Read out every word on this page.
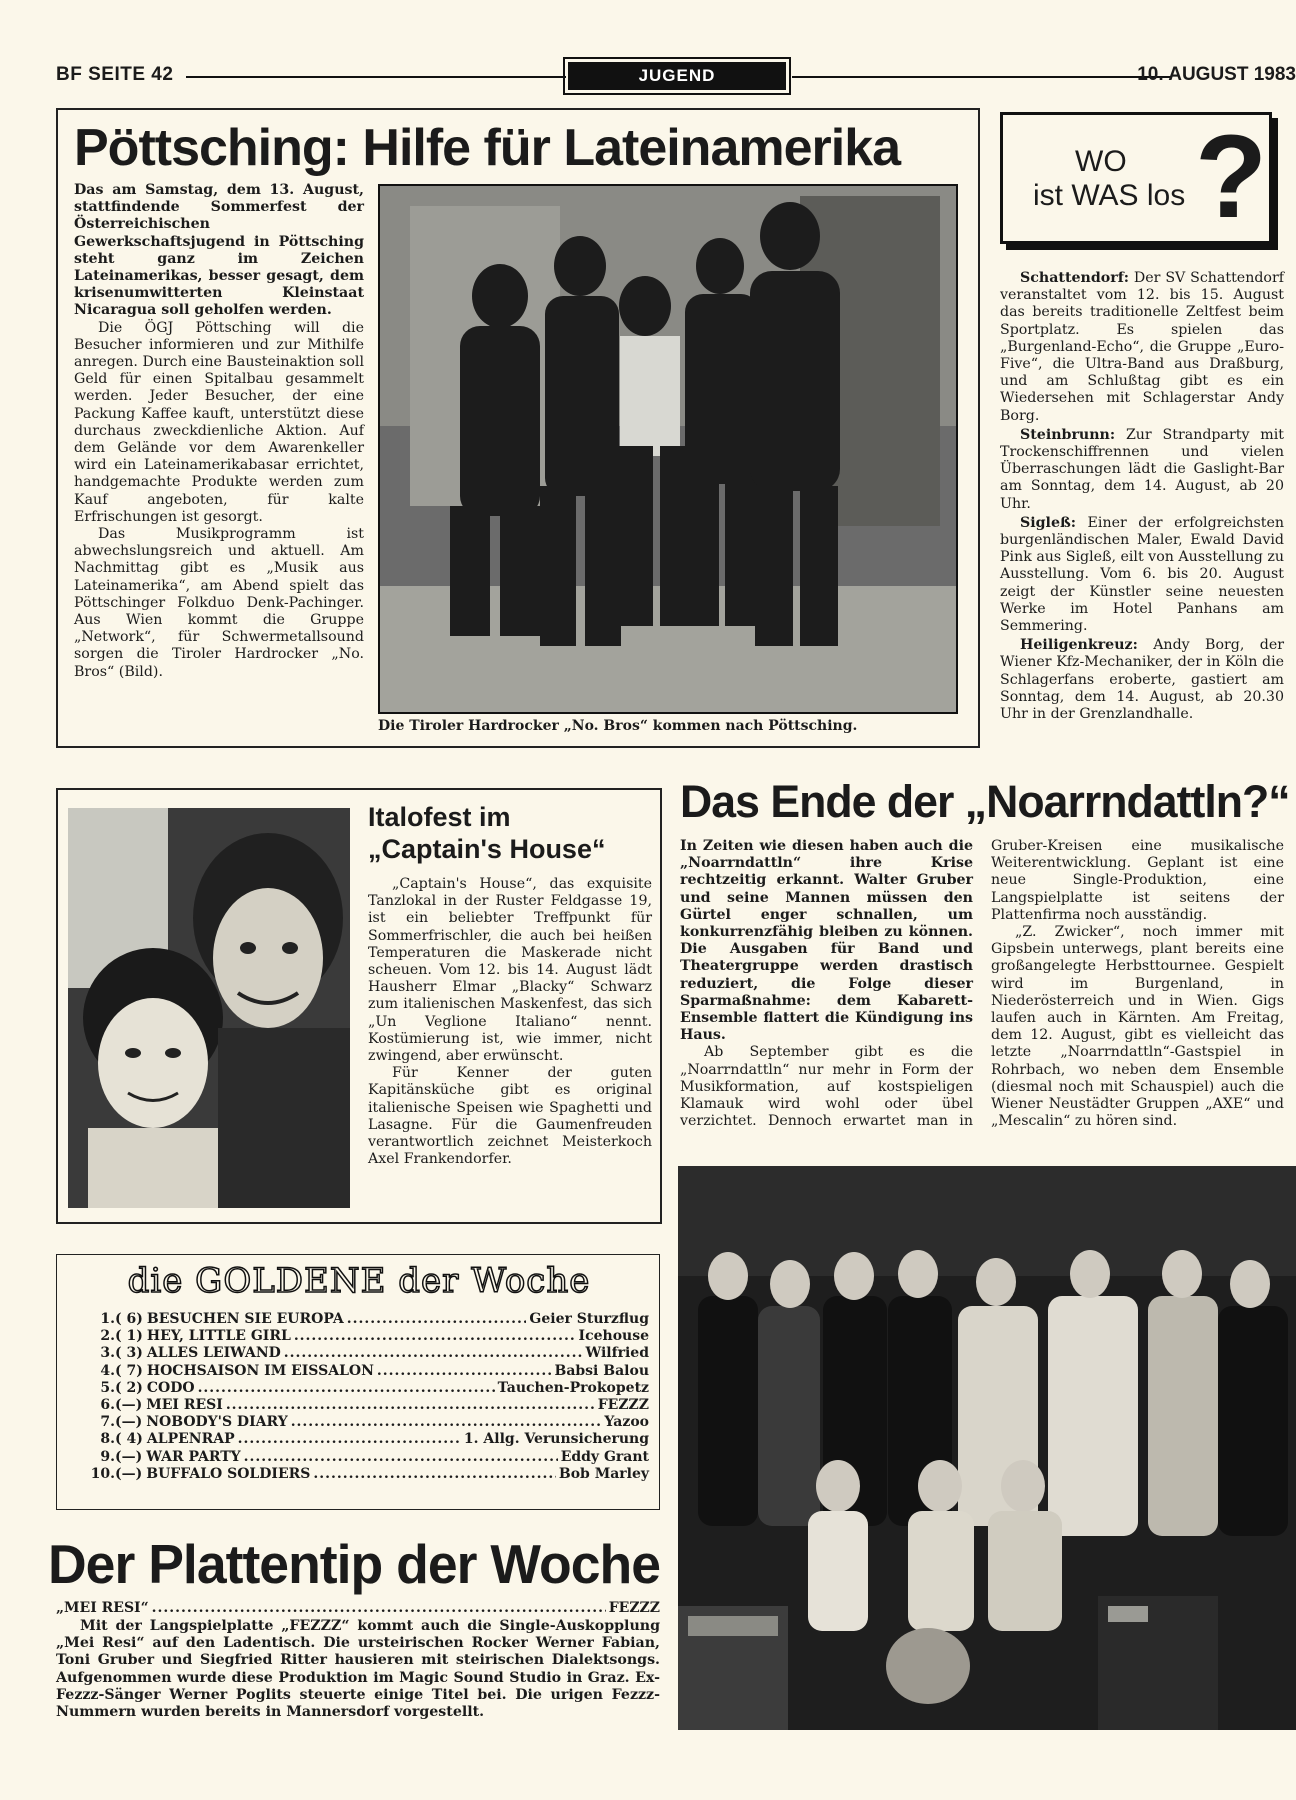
BF SEITE 42	JUGEND	10. AUGUST 1983
Pöttsching: Hilfe für Lateinamerika

Das am Samstag, dem 13. August, stattfindende Sommerfest der Österreichischen Gewerkschaftsjugend in Pöttsching steht ganz im Zeichen Lateinamerikas, besser gesagt, dem krisenumwitterten Kleinstaat Nicaragua soll geholfen werden.

Die ÖGJ Pöttsching will die Besucher informieren und zur Mithilfe anregen. Durch eine Bausteinaktion soll Geld für einen Spitalbau gesammelt werden. Jeder Besucher, der eine Packung Kaffee kauft, unterstützt diese durchaus zweckdienliche Aktion. Auf dem Gelände vor dem Awarenkeller wird ein Lateinamerikabasar errichtet, handgemachte Produkte werden zum Kauf angeboten, für kalte Erfrischungen ist gesorgt.

Das Musikprogramm ist abwechslungsreich und aktuell. Am Nachmittag gibt es „Musik aus Lateinamerika“, am Abend spielt das Pöttschinger Folkduo Denk-Pachinger. Aus Wien kommt die Gruppe „Network“, für Schwermetallsound sorgen die Tiroler Hardrocker „No. Bros“ (Bild).

Die Tiroler Hardrocker „No. Bros“ kommen nach Pöttsching.
WO
ist WAS los ?

Schattendorf: Der SV Schattendorf veranstaltet vom 12. bis 15. August das bereits traditionelle Zeltfest beim Sportplatz. Es spielen das „Burgenland-Echo“, die Gruppe „Euro-Five“, die Ultra-Band aus Draßburg, und am Schlußtag gibt es ein Wiedersehen mit Schlagerstar Andy Borg.

Steinbrunn: Zur Strandparty mit Trockenschiffrennen und vielen Überraschungen lädt die Gaslight-Bar am Sonntag, dem 14. August, ab 20 Uhr.

Sigleß: Einer der erfolgreichsten burgenländischen Maler, Ewald David Pink aus Sigleß, eilt von Ausstellung zu Ausstellung. Vom 6. bis 20. August zeigt der Künstler seine neuesten Werke im Hotel Panhans am Semmering.

Heiligenkreuz: Andy Borg, der Wiener Kfz-Mechaniker, der in Köln die Schlagerfans eroberte, gastiert am Sonntag, dem 14. August, ab 20.30 Uhr in der Grenzlandhalle.

Italofest im
„Captain's House“

„Captain's House“, das exquisite Tanzlokal in der Ruster Feldgasse 19, ist ein beliebter Treffpunkt für Sommerfrischler, die auch bei heißen Temperaturen die Maskerade nicht scheuen. Vom 12. bis 14. August lädt Hausherr Elmar „Blacky“ Schwarz zum italienischen Maskenfest, das sich „Un Veglione Italiano“ nennt. Kostümierung ist, wie immer, nicht zwingend, aber erwünscht.

Für Kenner der guten Kapitänsküche gibt es original italienische Speisen wie Spaghetti und Lasagne. Für die Gaumenfreuden verantwortlich zeichnet Meisterkoch Axel Frankendorfer.

Das Ende der „Noarrndattln?“

In Zeiten wie diesen haben auch die „Noarrndattln“ ihre Krise rechtzeitig erkannt. Walter Gruber und seine Mannen müssen den Gürtel enger schnallen, um konkurrenzfähig bleiben zu können. Die Ausgaben für Band und Theatergruppe werden drastisch reduziert, die Folge dieser Sparmaßnahme: dem Kabarett-Ensemble flattert die Kündigung ins Haus.

Ab September gibt es die „Noarrndattln“ nur mehr in Form der Musikformation, auf kostspieligen Klamauk wird wohl oder übel verzichtet. Dennoch erwartet man in Gruber-Kreisen eine musikalische Weiterentwicklung. Geplant ist eine neue Single-Produktion, eine Langspielplatte ist seitens der Plattenfirma noch ausständig.

„Z. Zwicker“, noch immer mit Gipsbein unterwegs, plant bereits eine großangelegte Herbsttournee. Gespielt wird im Burgenland, in Niederösterreich und in Wien. Gigs laufen auch in Kärnten. Am Freitag, dem 12. August, gibt es vielleicht das letzte „Noarrndattln“-Gastspiel in Rohrbach, wo neben dem Ensemble (diesmal noch mit Schauspiel) auch die Wiener Neustädter Gruppen „AXE“ und „Mescalin“ zu hören sind.

die GOLDENE der Woche
1. ( 6) BESUCHEN SIE EUROPA .....	Geier Sturzflug
2. ( 1) HEY, LITTLE GIRL .....	Icehouse
3. ( 3) ALLES LEIWAND .....	Wilfried
4. ( 7) HOCHSAISON IM EISSALON .....	Babsi Balou
5. ( 2) CODO .....	Tauchen-Prokopetz
6. (—) MEI RESI .....	FEZZZ
7. (—) NOBODY'S DIARY .....	Yazoo
8. ( 4) ALPENRAP .....	1. Allg. Verunsicherung
9. (—) WAR PARTY .....	Eddy Grant
10. (—) BUFFALO SOLDIERS .....	Bob Marley
Der Plattentip der Woche
„MEI RESI“ .....	FEZZZ
Mit der Langspielplatte „FEZZZ“ kommt auch die Single-Auskopplung „Mei Resi“ auf den Ladentisch. Die ursteirischen Rocker Werner Fabian, Toni Gruber und Siegfried Ritter hausieren mit steirischen Dialektsongs. Aufgenommen wurde diese Produktion im Magic Sound Studio in Graz. Ex-Fezzz-Sänger Werner Poglits steuerte einige Titel bei. Die urigen Fezzz-Nummern wurden bereits in Mannersdorf vorgestellt.
